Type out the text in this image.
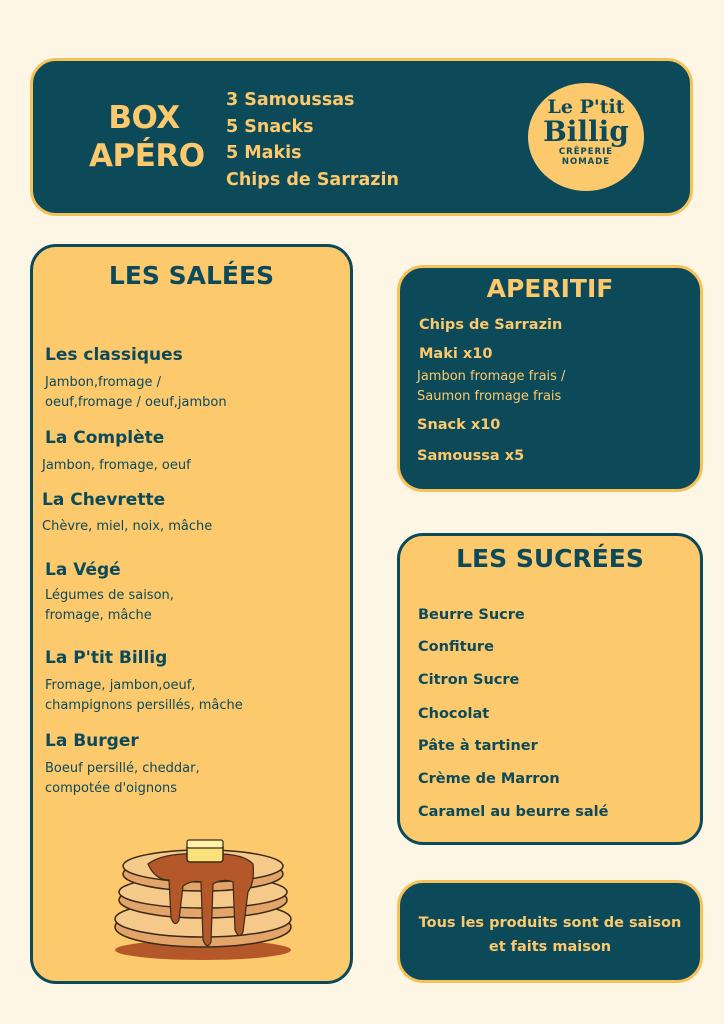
BOX
APÉRO
3 Samoussas
5 Snacks
5 Makis
Chips de Sarrazin
Le P'tit
Billig
CRÊPERIE
NOMADE
LES SALÉES
Les classiques
Jambon,fromage /
oeuf,fromage / oeuf,jambon
La Complète
Jambon, fromage, oeuf
La Chevrette
Chèvre, miel, noix, mâche
La Végé
Légumes de saison,
fromage, mâche
La P'tit Billig
Fromage, jambon,oeuf,
champignons persillés, mâche
La Burger
Boeuf persillé, cheddar,
compotée d'oignons
APERITIF
Chips de Sarrazin
Maki x10
Jambon fromage frais /
Saumon fromage frais
Snack x10
Samoussa x5
LES SUCRÉES
Beurre Sucre
Confiture
Citron Sucre
Chocolat
Pâte à tartiner
Crème de Marron
Caramel au beurre salé
Tous les produits sont de saison
et faits maison
